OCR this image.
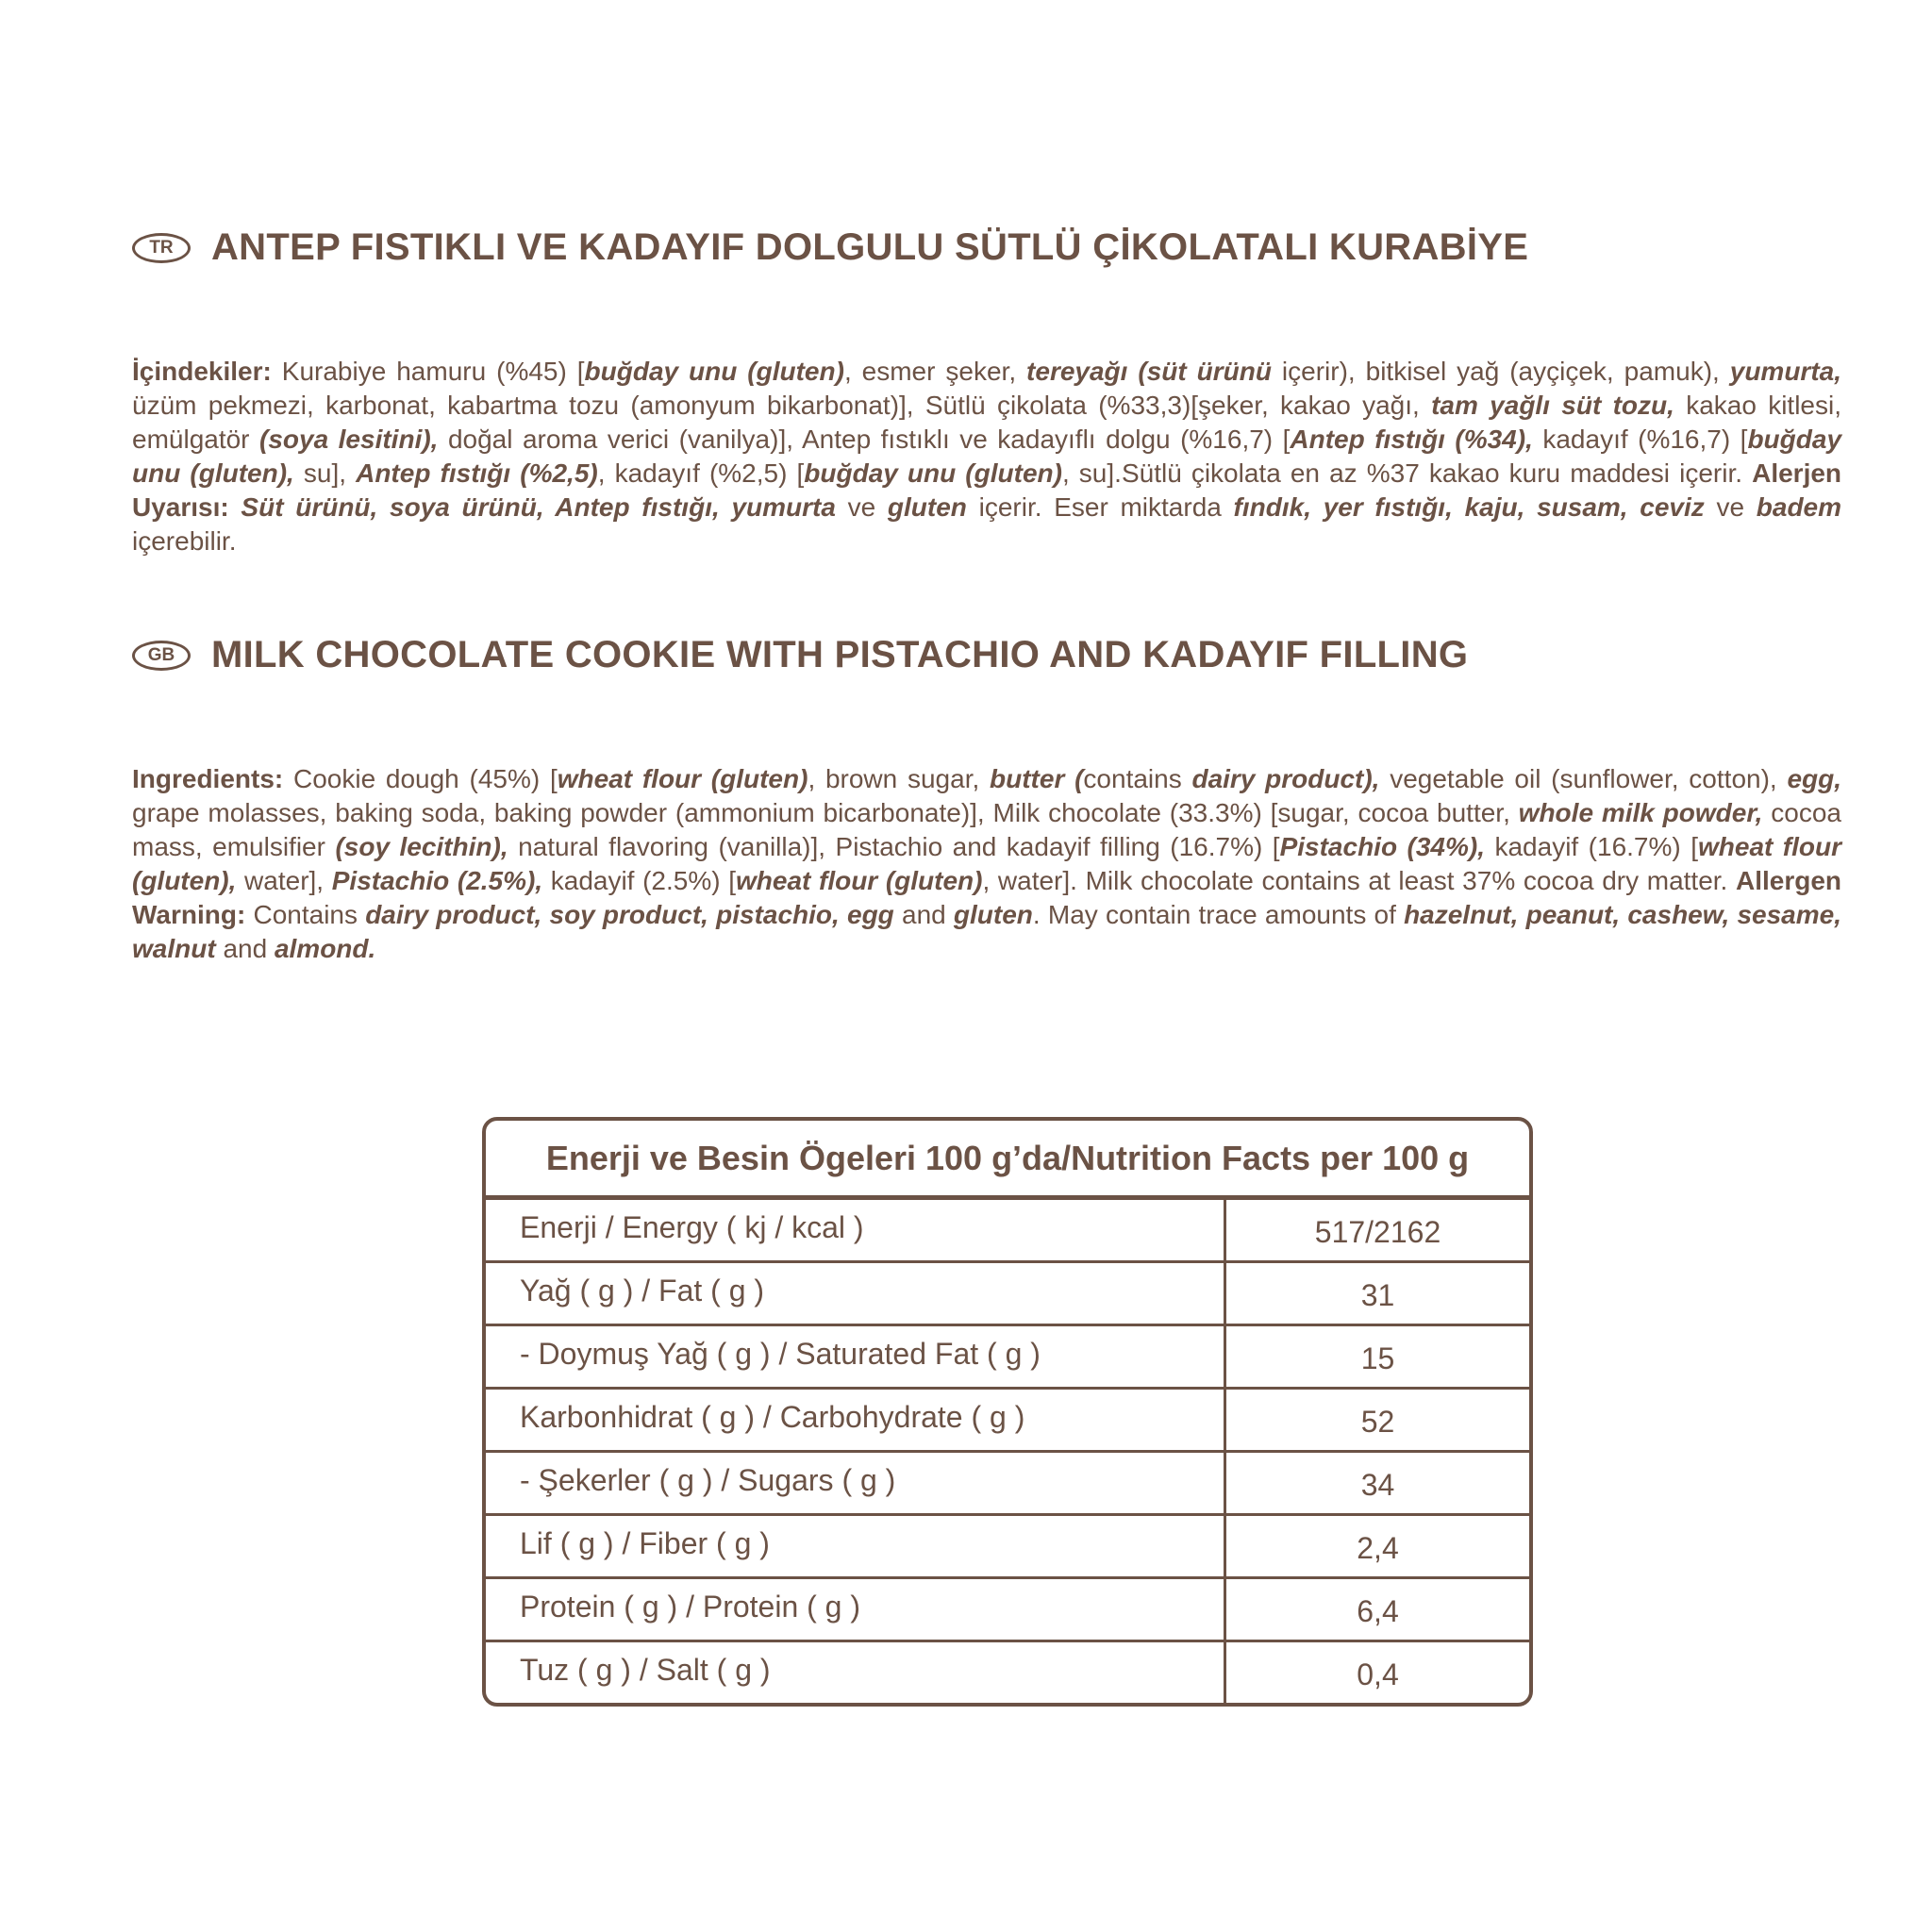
TR	ANTEP FISTIKLI VE KADAYIF DOLGULU SÜTLÜ ÇİKOLATALI KURABİYE
İçindekiler: Kurabiye hamuru (%45) [buğday unu (gluten), esmer şeker, tereyağı (süt ürünü içerir), bitkisel yağ (ayçiçek, pamuk), yumurta, üzüm pekmezi, karbonat, kabartma tozu (amonyum bikarbonat)], Sütlü çikolata (%33,3)[şeker, kakao yağı, tam yağlı süt tozu, kakao kitlesi, emülgatör (soya lesitini), doğal aroma verici (vanilya)], Antep fıstıklı ve kadayıflı dolgu (%16,7) [Antep fıstığı (%34), kadayıf (%16,7) [buğday unu (gluten), su], Antep fıstığı (%2,5), kadayıf (%2,5) [buğday unu (gluten), su].Sütlü çikolata en az %37 kakao kuru maddesi içerir. Alerjen Uyarısı: Süt ürünü, soya ürünü, Antep fıstığı, yumurta ve gluten içerir. Eser miktarda fındık, yer fıstığı, kaju, susam, ceviz ve badem içerebilir.
GB MILK CHOCOLATE COOKIE WITH PISTACHIO AND KADAYIF FILLING
Ingredients: Cookie dough (45%) [wheat flour (gluten), brown sugar, butter (contains dairy product), vegetable oil (sunflower, cotton), egg, grape molasses, baking soda, baking powder (ammonium bicarbonate)], Milk chocolate (33.3%) [sugar, cocoa butter, whole milk powder, cocoa mass, emulsifier (soy lecithin), natural flavoring (vanilla)], Pistachio and kadayif filling (16.7%) [Pistachio (34%), kadayif (16.7%) [wheat flour (gluten), water], Pistachio (2.5%), kadayif (2.5%) [wheat flour (gluten), water]. Milk chocolate contains at least 37% cocoa dry matter. Allergen Warning: Contains dairy product, soy product, pistachio, egg and gluten. May contain trace amounts of hazelnut, peanut, cashew, sesame, walnut and almond.
Enerji ve Besin Ögeleri 100 g’da/Nutrition Facts per 100 g
Enerji / Energy ( kj / kcal )	517/2162
Yağ ( g ) / Fat ( g )	31
- Doymuş Yağ ( g ) / Saturated Fat ( g )	15
Karbonhidrat ( g ) / Carbohydrate ( g )	52
- Şekerler ( g ) / Sugars ( g )	34
Lif ( g ) / Fiber ( g )	2,4
Protein ( g ) / Protein ( g )	6,4
Tuz ( g ) / Salt ( g )	0,4
